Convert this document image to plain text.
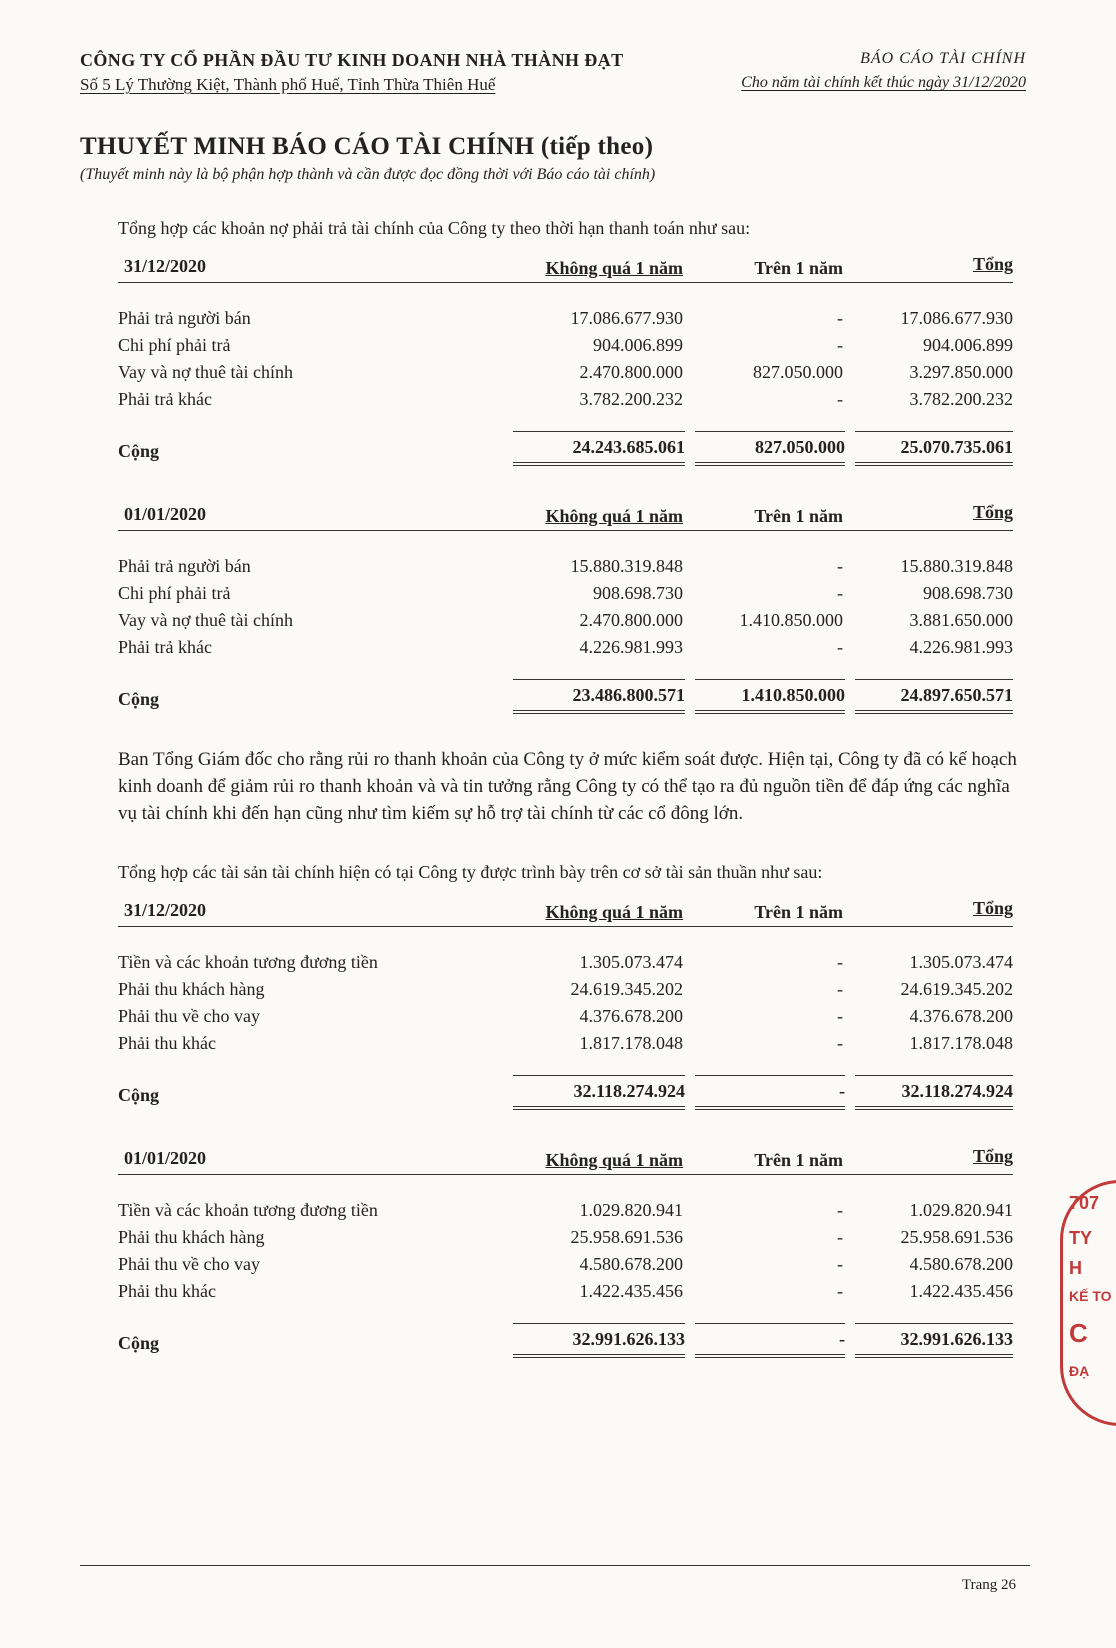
CÔNG TY CỔ PHẦN ĐẦU TƯ KINH DOANH NHÀ THÀNH ĐẠT
Số 5 Lý Thường Kiệt, Thành phố Huế, Tỉnh Thừa Thiên Huế
BÁO CÁO TÀI CHÍNH
Cho năm tài chính kết thúc ngày 31/12/2020
THUYẾT MINH BÁO CÁO TÀI CHÍNH (tiếp theo)
(Thuyết minh này là bộ phận hợp thành và cần được đọc đồng thời với Báo cáo tài chính)
Tổng hợp các khoản nợ phải trả tài chính của Công ty theo thời hạn thanh toán như sau:
31/12/2020	Không quá 1 năm	Trên 1 năm	Tổng
Phải trả người bán	17.086.677.930	-	17.086.677.930
Chi phí phải trả	904.006.899	-	904.006.899
Vay và nợ thuê tài chính	2.470.800.000	827.050.000	3.297.850.000
Phải trả khác	3.782.200.232	-	3.782.200.232
Cộng	24.243.685.061	827.050.000	25.070.735.061
01/01/2020	Không quá 1 năm	Trên 1 năm	Tổng
Phải trả người bán	15.880.319.848	-	15.880.319.848
Chi phí phải trả	908.698.730	-	908.698.730
Vay và nợ thuê tài chính	2.470.800.000	1.410.850.000	3.881.650.000
Phải trả khác	4.226.981.993	-	4.226.981.993
Cộng	23.486.800.571	1.410.850.000	24.897.650.571
Ban Tổng Giám đốc cho rằng rủi ro thanh khoản của Công ty ở mức kiểm soát được. Hiện tại, Công ty đã có kế hoạch kinh doanh để giảm rủi ro thanh khoản và và tin tưởng rằng Công ty có thể tạo ra đủ nguồn tiền để đáp ứng các nghĩa vụ tài chính khi đến hạn cũng như tìm kiếm sự hỗ trợ tài chính từ các cổ đông lớn.
Tổng hợp các tài sản tài chính hiện có tại Công ty được trình bày trên cơ sở tài sản thuần như sau:
31/12/2020	Không quá 1 năm	Trên 1 năm	Tổng
Tiền và các khoản tương đương tiền	1.305.073.474	-	1.305.073.474
Phải thu khách hàng	24.619.345.202	-	24.619.345.202
Phải thu về cho vay	4.376.678.200	-	4.376.678.200
Phải thu khác	1.817.178.048	-	1.817.178.048
Cộng	32.118.274.924	-	32.118.274.924
01/01/2020	Không quá 1 năm	Trên 1 năm	Tổng
Tiền và các khoản tương đương tiền	1.029.820.941	-	1.029.820.941
Phải thu khách hàng	25.958.691.536	-	25.958.691.536
Phải thu về cho vay	4.580.678.200	-	4.580.678.200
Phải thu khác	1.422.435.456	-	1.422.435.456
Cộng	32.991.626.133	-	32.991.626.133
707
TY
H
KẾ TO
C
ĐẠ
Trang 26
